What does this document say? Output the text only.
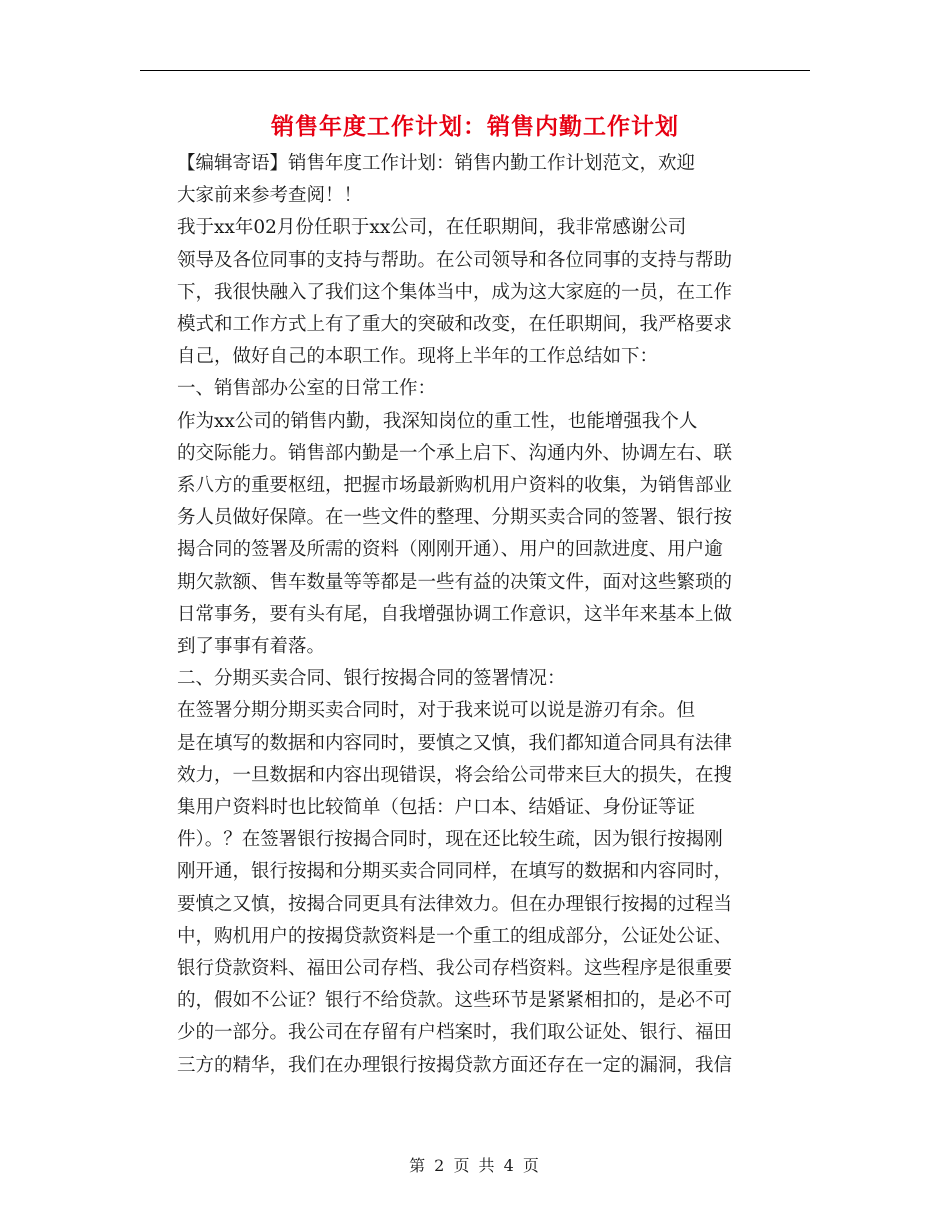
销售年度工作计划：销售内勤工作计划

【编辑寄语】销售年度工作计划：销售内勤工作计划范文，欢迎
大家前来参考查阅！！

我于xx年02月份任职于xx公司，在任职期间，我非常感谢公司
领导及各位同事的支持与帮助。在公司领导和各位同事的支持与帮助
下，我很快融入了我们这个集体当中，成为这大家庭的一员，在工作
模式和工作方式上有了重大的突破和改变，在任职期间，我严格要求
自己，做好自己的本职工作。现将上半年的工作总结如下：

一、销售部办公室的日常工作：

作为xx公司的销售内勤，我深知岗位的重工性，也能增强我个人
的交际能力。销售部内勤是一个承上启下、沟通内外、协调左右、联
系八方的重要枢纽，把握市场最新购机用户资料的收集，为销售部业
务人员做好保障。在一些文件的整理、分期买卖合同的签署、银行按
揭合同的签署及所需的资料（刚刚开通）、用户的回款进度、用户逾
期欠款额、售车数量等等都是一些有益的决策文件，面对这些繁琐的
日常事务，要有头有尾，自我增强协调工作意识，这半年来基本上做
到了事事有着落。

二、分期买卖合同、银行按揭合同的签署情况：

在签署分期分期买卖合同时，对于我来说可以说是游刃有余。但
是在填写的数据和内容同时，要慎之又慎，我们都知道合同具有法律
效力，一旦数据和内容出现错误，将会给公司带来巨大的损失，在搜
集用户资料时也比较简单（包括：户口本、结婚证、身份证等证
件）。？在签署银行按揭合同时，现在还比较生疏，因为银行按揭刚
刚开通，银行按揭和分期买卖合同同样，在填写的数据和内容同时，
要慎之又慎，按揭合同更具有法律效力。但在办理银行按揭的过程当
中，购机用户的按揭贷款资料是一个重工的组成部分，公证处公证、
银行贷款资料、福田公司存档、我公司存档资料。这些程序是很重要
的，假如不公证？银行不给贷款。这些环节是紧紧相扣的，是必不可
少的一部分。我公司在存留有户档案时，我们取公证处、银行、福田
三方的精华，我们在办理银行按揭贷款方面还存在一定的漏洞，我信

第 2 页 共 4 页
